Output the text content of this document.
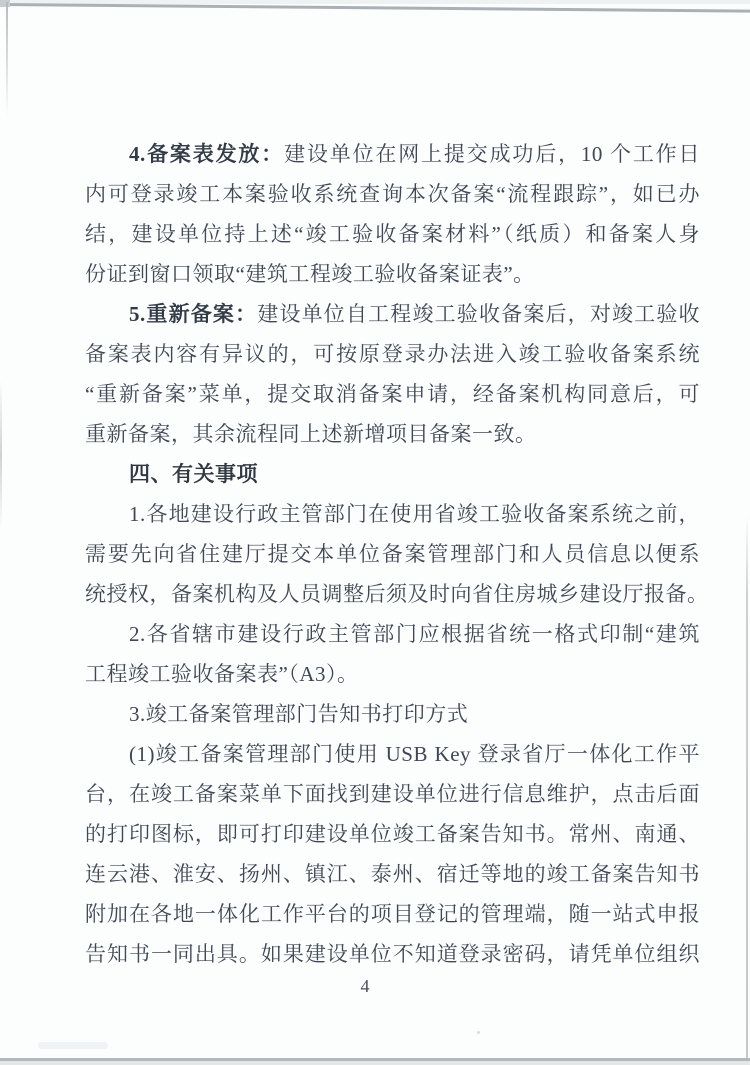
4.备案表发放：建设单位在网上提交成功后，10 个工作日
内可登录竣工本案验收系统查询本次备案“流程跟踪”，如已办
结，建设单位持上述“竣工验收备案材料”（纸质）和备案人身
份证到窗口领取“建筑工程竣工验收备案证表”。
5.重新备案：建设单位自工程竣工验收备案后，对竣工验收
备案表内容有异议的，可按原登录办法进入竣工验收备案系统
“重新备案”菜单，提交取消备案申请，经备案机构同意后，可
重新备案，其余流程同上述新增项目备案一致。
四、有关事项
1.各地建设行政主管部门在使用省竣工验收备案系统之前，
需要先向省住建厅提交本单位备案管理部门和人员信息以便系
统授权，备案机构及人员调整后须及时向省住房城乡建设厅报备。
2.各省辖市建设行政主管部门应根据省统一格式印制“建筑
工程竣工验收备案表”（A3）。
3.竣工备案管理部门告知书打印方式
(1)竣工备案管理部门使用 USB Key 登录省厅一体化工作平
台，在竣工备案菜单下面找到建设单位进行信息维护，点击后面
的打印图标，即可打印建设单位竣工备案告知书。常州、南通、
连云港、淮安、扬州、镇江、泰州、宿迁等地的竣工备案告知书
附加在各地一体化工作平台的项目登记的管理端，随一站式申报
告知书一同出具。如果建设单位不知道登录密码，请凭单位组织
4
